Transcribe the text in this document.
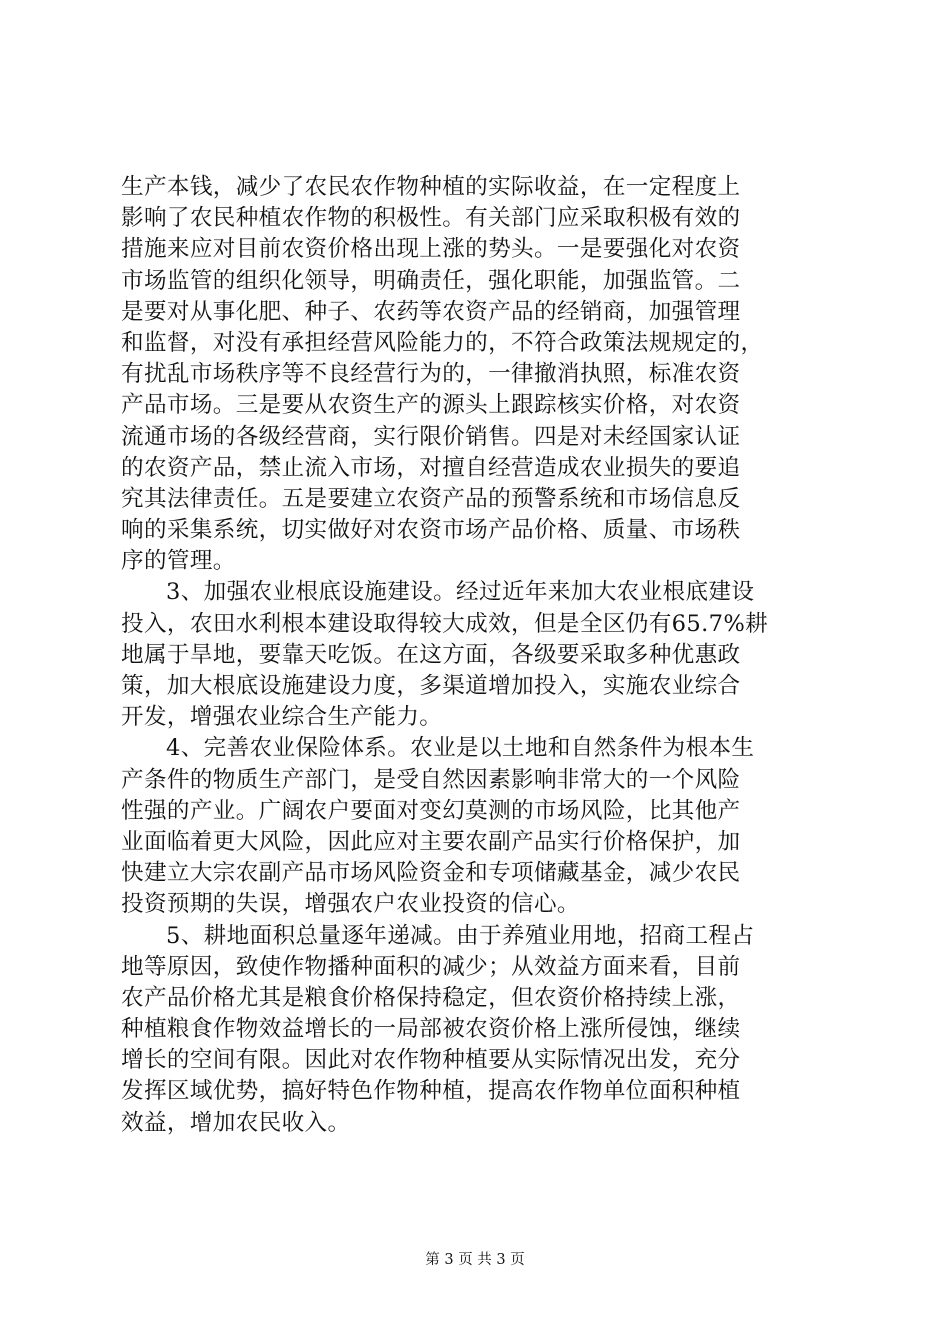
生产本钱，减少了农民农作物种植的实际收益，在一定程度上
影响了农民种植农作物的积极性。有关部门应采取积极有效的
措施来应对目前农资价格出现上涨的势头。一是要强化对农资
市场监管的组织化领导，明确责任，强化职能，加强监管。二
是要对从事化肥、种子、农药等农资产品的经销商，加强管理
和监督，对没有承担经营风险能力的，不符合政策法规规定的，
有扰乱市场秩序等不良经营行为的，一律撤消执照，标准农资
产品市场。三是要从农资生产的源头上跟踪核实价格，对农资
流通市场的各级经营商，实行限价销售。四是对未经国家认证
的农资产品，禁止流入市场，对擅自经营造成农业损失的要追
究其法律责任。五是要建立农资产品的预警系统和市场信息反
响的采集系统，切实做好对农资市场产品价格、质量、市场秩
序的管理。
3、加强农业根底设施建设。经过近年来加大农业根底建设
投入，农田水利根本建设取得较大成效，但是全区仍有65.7%耕
地属于旱地，要靠天吃饭。在这方面，各级要采取多种优惠政
策，加大根底设施建设力度，多渠道增加投入，实施农业综合
开发，增强农业综合生产能力。
4、完善农业保险体系。农业是以土地和自然条件为根本生
产条件的物质生产部门，是受自然因素影响非常大的一个风险
性强的产业。广阔农户要面对变幻莫测的市场风险，比其他产
业面临着更大风险，因此应对主要农副产品实行价格保护，加
快建立大宗农副产品市场风险资金和专项储藏基金，减少农民
投资预期的失误，增强农户农业投资的信心。
5、耕地面积总量逐年递减。由于养殖业用地，招商工程占
地等原因，致使作物播种面积的减少；从效益方面来看，目前
农产品价格尤其是粮食价格保持稳定，但农资价格持续上涨，
种植粮食作物效益增长的一局部被农资价格上涨所侵蚀，继续
增长的空间有限。因此对农作物种植要从实际情况出发，充分
发挥区域优势，搞好特色作物种植，提高农作物单位面积种植
效益，增加农民收入。
第 3 页 共 3 页
